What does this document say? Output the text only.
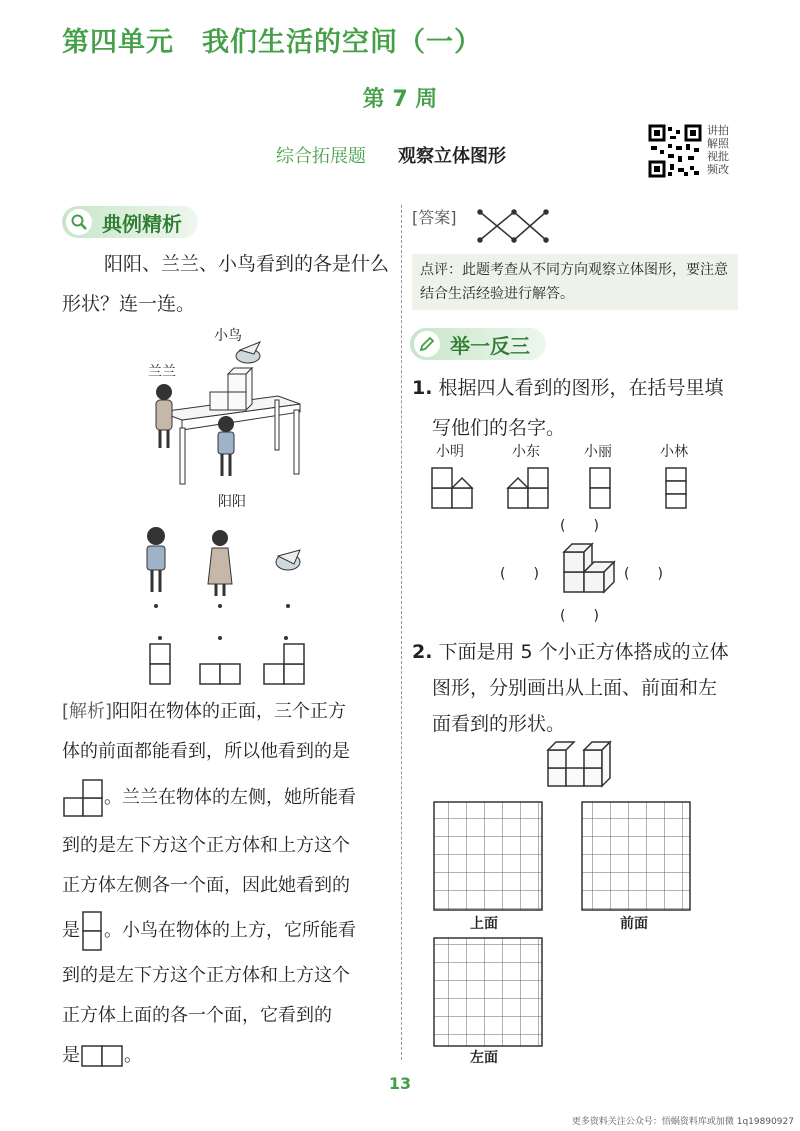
第四单元　我们生活的空间（一）
第 7 周
综合拓展题 观察立体图形
讲拍解照视批频改
典例精析
阳阳、兰兰、小鸟看到的各是什么
形状？连一连。
小鸟
兰兰
阳阳
[解析]阳阳在物体的正面，三个正方
体的前面都能看到，所以他看到的是
。兰兰在物体的左侧，她所能看
到的是左下方这个正方体和上方这个
正方体左侧各一个面，因此她看到的
是 。小鸟在物体的上方，它所能看
到的是左下方这个正方体和上方这个
正方体上面的各一个面，它看到的
是 。
[答案]
点评：此题考查从不同方向观察立体图形，要注意结合生活经验进行解答。
举一反三
1. 根据四人看到的图形，在括号里填
写他们的名字。
小明	小东	小丽	小林
(　　)
(　　)	(　　)
(　　)
2. 下面是用 5 个小正方体搭成的立体
图形，分别画出从上面、前面和左
面看到的形状。
上面	前面
左面
13
更多资料关注公众号：悟蜗资料库或加微 1q19890927
